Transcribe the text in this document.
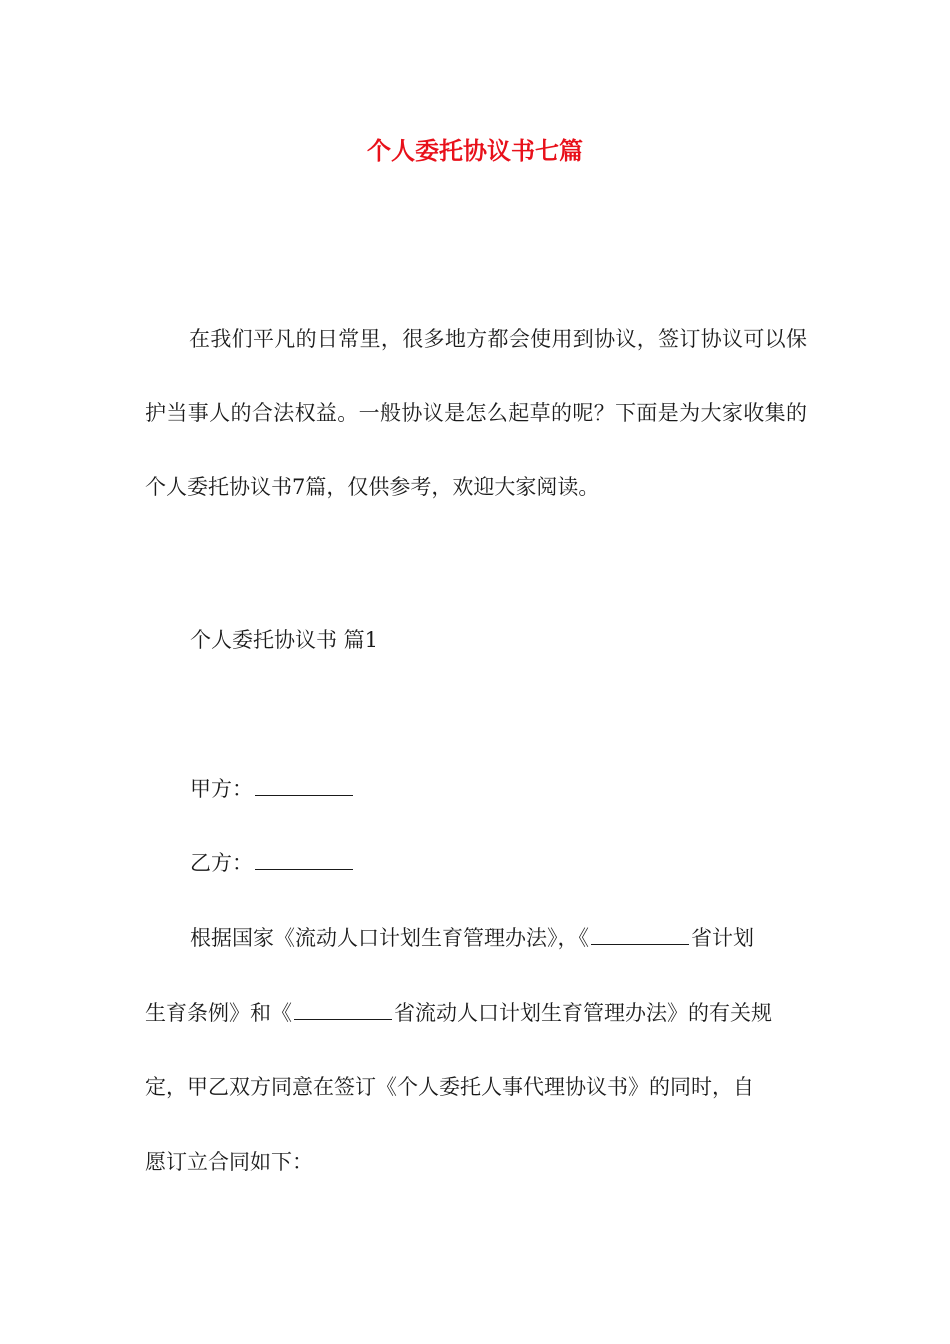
个人委托协议书七篇
在我们平凡的日常里，很多地方都会使用到协议，签订协议可以保护当事人的合法权益。一般协议是怎么起草的呢？下面是为大家收集的个人委托协议书7篇，仅供参考，欢迎大家阅读。
个人委托协议书 篇1
甲方：
乙方：
根据国家《流动人口计划生育管理办法》，《	省计划
生育条例》和《	省流动人口计划生育管理办法》的有关规
定，甲乙双方同意在签订《个人委托人事代理协议书》的同时，自
愿订立合同如下：
